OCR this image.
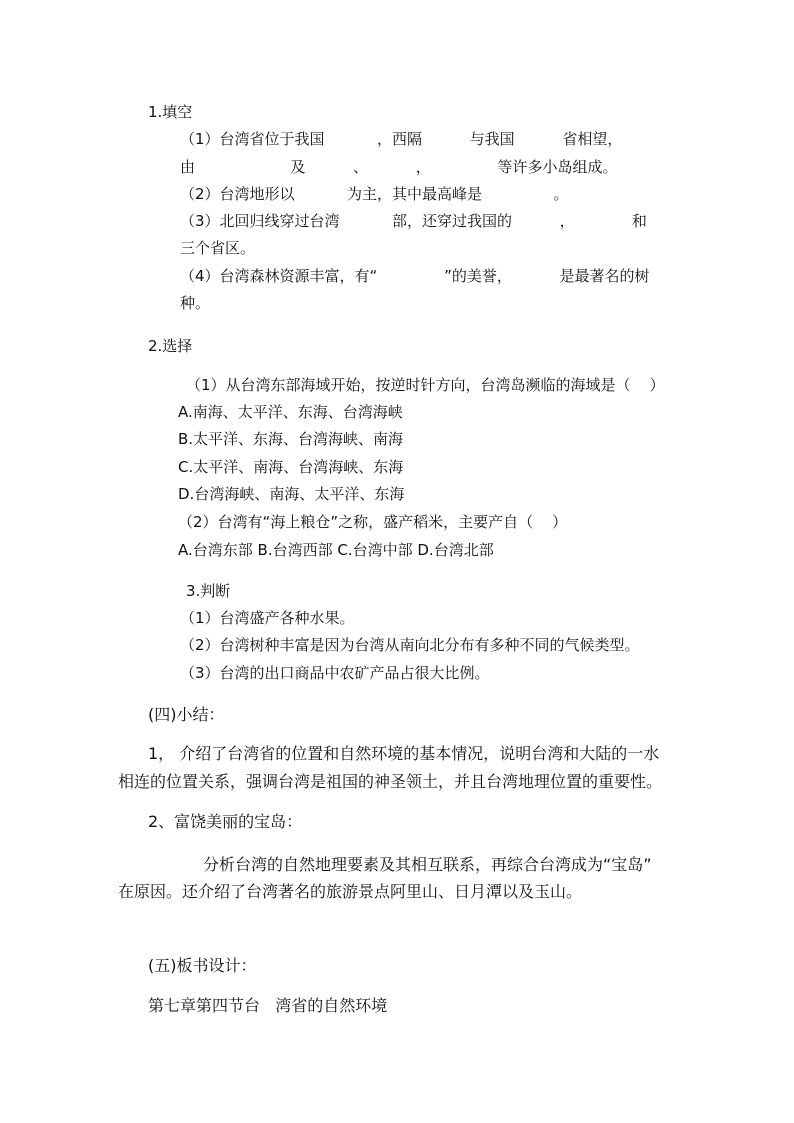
1.填空
（1）台湾省位于我国           ，西隔          与我国          省相望，
由                    及          、          ，              等许多小岛组成。
（2）台湾地形以           为主，其中最高峰是               。
（3）北回归线穿过台湾           部，还穿过我国的          ，            和
三个省区。
（4）台湾森林资源丰富，有“              ”的美誉，          是最著名的树
种。
2.选择
（1）从台湾东部海域开始，按逆时针方向，台湾岛濒临的海域是（    ）
A.南海、太平洋、东海、台湾海峡
B.太平洋、东海、台湾海峡、南海
C.太平洋、南海、台湾海峡、东海
D.台湾海峡、南海、太平洋、东海
（2）台湾有“海上粮仓”之称，盛产稻米，主要产自（    ）
A.台湾东部 B.台湾西部 C.台湾中部 D.台湾北部
3.判断
（1）台湾盛产各种水果。
（2）台湾树种丰富是因为台湾从南向北分布有多种不同的气候类型。
（3）台湾的出口商品中农矿产品占很大比例。
(四)小结：
1， 介绍了台湾省的位置和自然环境的基本情况，说明台湾和大陆的一水
相连的位置关系，强调台湾是祖国的神圣领土，并且台湾地理位置的重要性。
2、富饶美丽的宝岛：
分析台湾的自然地理要素及其相互联系，再综合台湾成为“宝岛”
在原因。还介绍了台湾著名的旅游景点阿里山、日月潭以及玉山。
(五)板书设计：
第七章第四节台   湾省的自然环境
